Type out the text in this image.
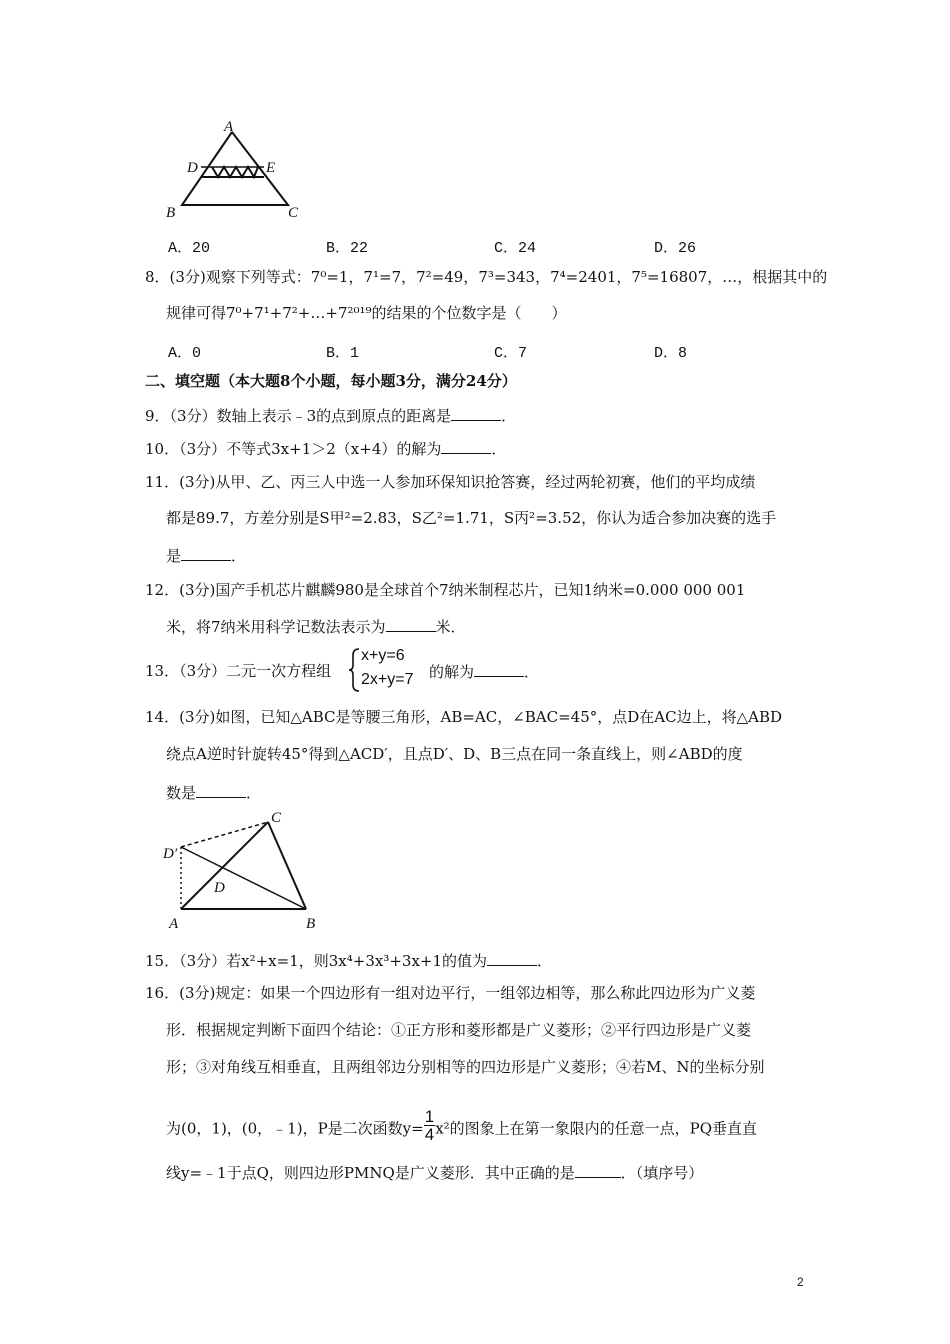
A
D	E
B	C
A．20	B．22	C．24	D．26
8．(3分)观察下列等式：7⁰=1，7¹=7，7²=49，7³=343，7⁴=2401，7⁵=16807，…，根据其中的
规律可得7⁰+7¹+7²+…+7²⁰¹⁹的结果的个位数字是（　　）
A．0	B．1	C．7	D．8
二、填空题（本大题8个小题，每小题3分，满分24分）
9．（3分）数轴上表示﹣3的点到原点的距离是	．
10．（3分）不等式3x+1＞2（x+4）的解为	．
11．(3分)从甲、乙、丙三人中选一人参加环保知识抢答赛，经过两轮初赛，他们的平均成绩
都是89.7，方差分别是S甲²=2.83，S乙²=1.71，S丙²=3.52，你认为适合参加决赛的选手
是	．
12．(3分)国产手机芯片麒麟980是全球首个7纳米制程芯片，已知1纳米=0.000 000 001
米，将7纳米用科学记数法表示为	米．
13．（3分）二元一次方程组
x+y=6
2x+y=7 的解为	．
14．(3分)如图，已知△ABC是等腰三角形，AB=AC，∠BAC=45°，点D在AC边上，将△ABD
绕点A逆时针旋转45°得到△ACD′，且点D′、D、B三点在同一条直线上，则∠ABD的度
数是	．
C
D′
D
A	B
15．（3分）若x²+x=1，则3x⁴+3x³+3x+1的值为	．
16．(3分)规定：如果一个四边形有一组对边平行，一组邻边相等，那么称此四边形为广义菱
形．根据规定判断下面四个结论：①正方形和菱形都是广义菱形；②平行四边形是广义菱
形；③对角线互相垂直，且两组邻边分别相等的四边形是广义菱形；④若M、N的坐标分别
为(0，1)，(0，﹣1)，P是二次函数$y= \frac{1}{4} x^2$的图象上在第一象限内的任意一点，PQ垂直直
线y=﹣1于点Q，则四边形PMNQ是广义菱形．其中正确的是	．（填序号）
2
